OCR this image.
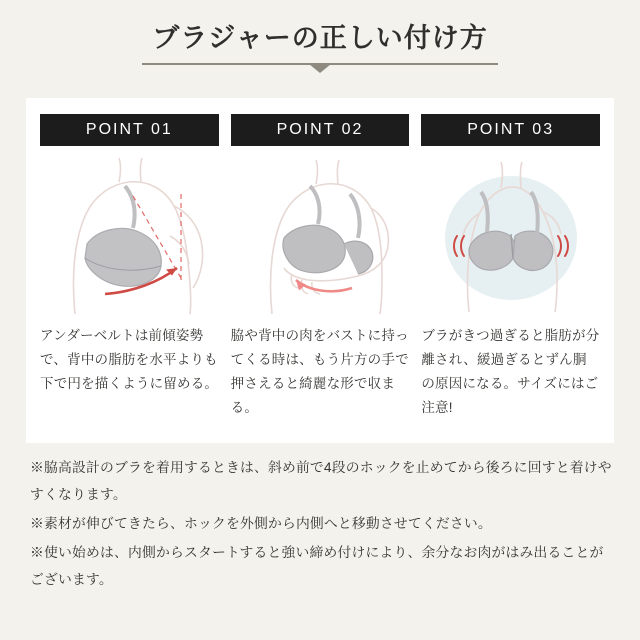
ブラジャーの正しい付け方
POINT 01
アンダーベルトは前傾姿勢で、背中の脂肪を水平よりも下で円を描くように留める。
POINT 02
脇や背中の肉をバストに持ってくる時は、もう片方の手で押さえると綺麗な形で収まる。
POINT 03
ブラがきつ過ぎると脂肪が分離され、緩過ぎるとずん胴の原因になる。サイズにはご注意!
※脇高設計のブラを着用するときは、斜め前で4段のホックを止めてから後ろに回すと着けやすくなります。
※素材が伸びてきたら、ホックを外側から内側へと移動させてください。
※使い始めは、内側からスタートすると強い締め付けにより、余分なお肉がはみ出ることがございます。
